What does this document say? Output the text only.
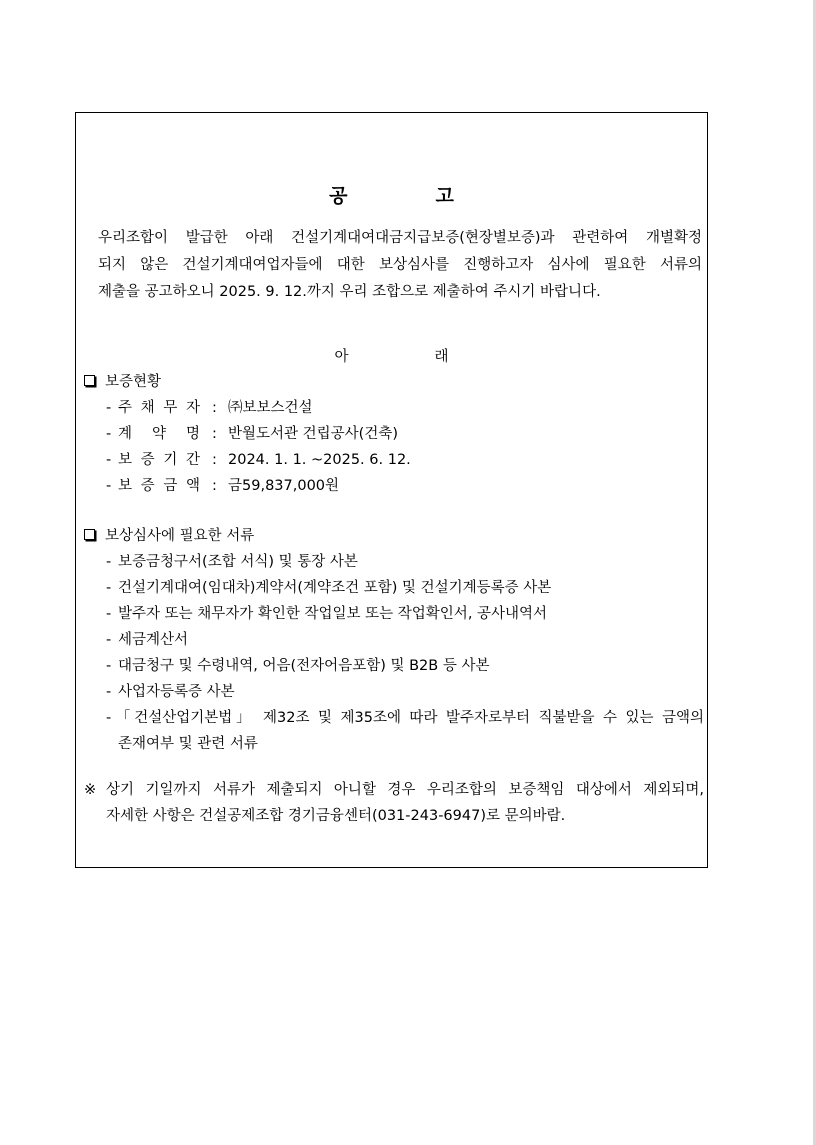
공	고
우리조합이 발급한 아래 건설기계대여대금지급보증(현장별보증)과 관련하여 개별확정
되지 않은 건설기계대여업자들에 대한 보상심사를 진행하고자 심사에 필요한 서류의
제출을 공고하오니 2025. 9. 12.까지 우리 조합으로 제출하여 주시기 바랍니다.
아	래
보증현황
- 주 채 무 자 : ㈜보보스건설
- 계 약 명 : 반월도서관 건립공사(건축)
- 보 증 기 간 : 2024. 1. 1. ~2025. 6. 12.
- 보 증 금 액 : 금59,837,000원
보상심사에 필요한 서류
- 보증금청구서(조합 서식) 및 통장 사본
- 건설기계대여(임대차)계약서(계약조건 포함) 및 건설기계등록증 사본
- 발주자 또는 채무자가 확인한 작업일보 또는 작업확인서, 공사내역서
- 세금계산서
- 대금청구 및 수령내역, 어음(전자어음포함) 및 B2B 등 사본
- 사업자등록증 사본
-「건설산업기본법」 제32조 및 제35조에 따라 발주자로부터 직불받을 수 있는 금액의
존재여부 및 관련 서류
※ 상기 기일까지 서류가 제출되지 아니할 경우 우리조합의 보증책임 대상에서 제외되며,
자세한 사항은 건설공제조합 경기금융센터(031-243-6947)로 문의바람.
